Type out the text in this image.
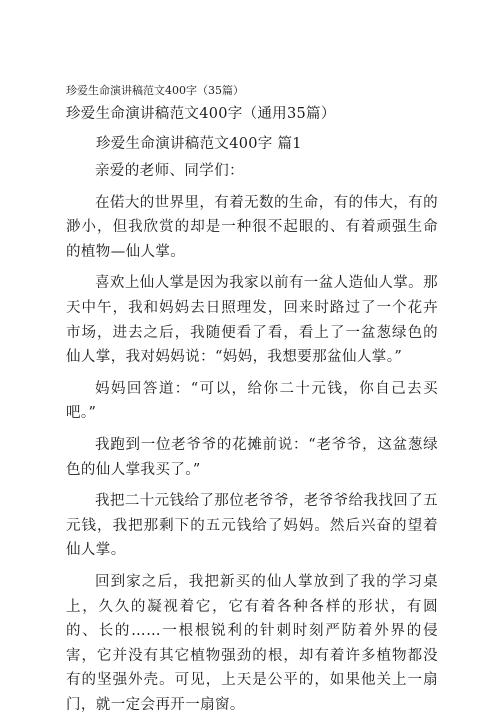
珍爱生命演讲稿范文400字（35篇）
珍爱生命演讲稿范文400字（通用35篇）
珍爱生命演讲稿范文400字 篇1

亲爱的老师、同学们：

在偌大的世界里，有着无数的生命，有的伟大，有的渺小，但我欣赏的却是一种很不起眼的、有着顽强生命的植物—仙人掌。

喜欢上仙人掌是因为我家以前有一盆人造仙人掌。那天中午，我和妈妈去日照理发，回来时路过了一个花卉市场，进去之后，我随便看了看，看上了一盆葱绿色的仙人掌，我对妈妈说：“妈妈，我想要那盆仙人掌。”

妈妈回答道：“可以，给你二十元钱，你自己去买吧。”

我跑到一位老爷爷的花摊前说：“老爷爷，这盆葱绿色的仙人掌我买了。”

我把二十元钱给了那位老爷爷，老爷爷给我找回了五元钱，我把那剩下的五元钱给了妈妈。然后兴奋的望着仙人掌。

回到家之后，我把新买的仙人掌放到了我的学习桌上，久久的凝视着它，它有着各种各样的形状，有圆的、长的……一根根锐利的针刺时刻严防着外界的侵害，它并没有其它植物强劲的根，却有着许多植物都没有的坚强外壳。可见，上天是公平的，如果他关上一扇门，就一定会再开一扇窗。
